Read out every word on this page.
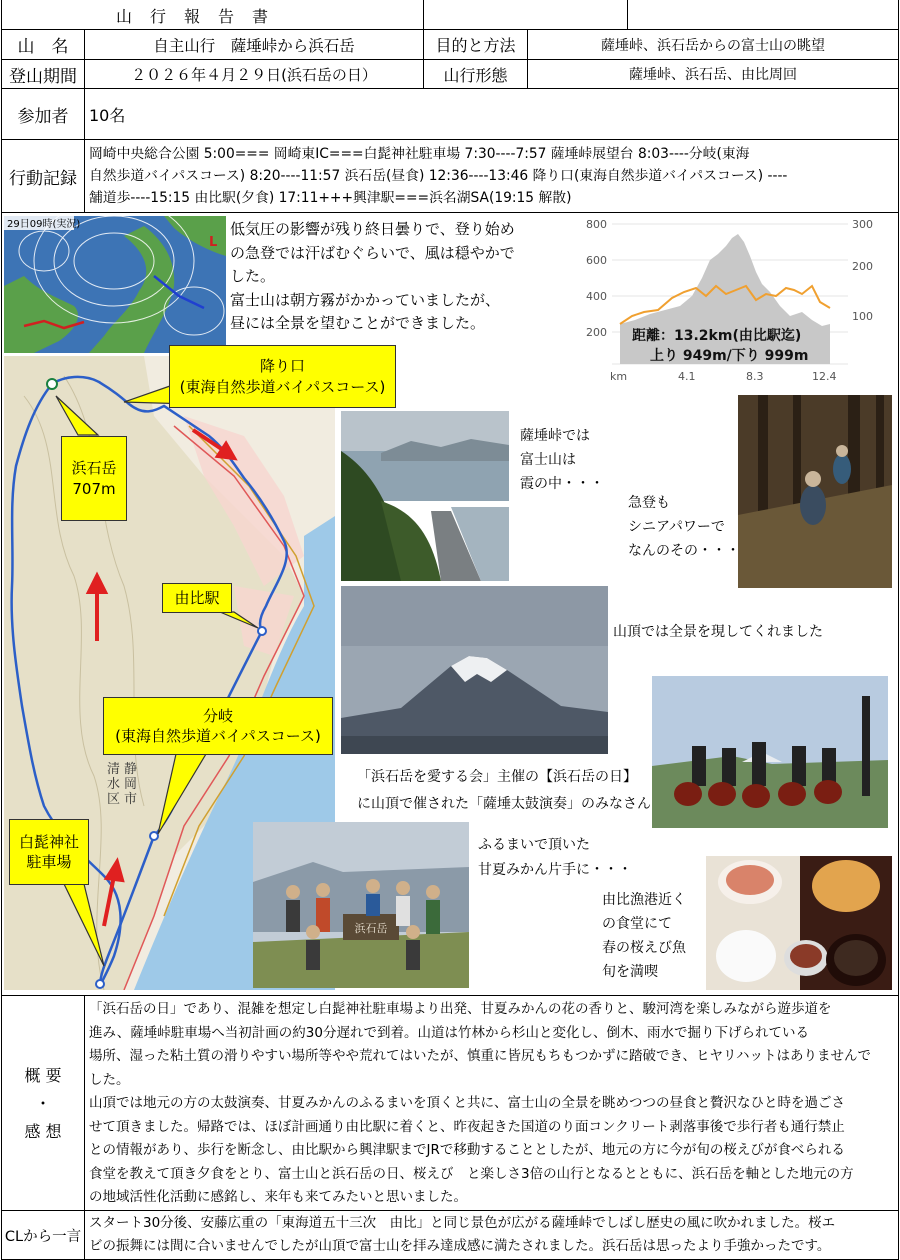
山　行　報　告　書
山　名	自主山行　薩埵峠から浜石岳	目的と方法	薩埵峠、浜石岳からの富士山の眺望
登山期間	２０２６年４月２９日(浜石岳の日）	山行形態	薩埵峠、浜石岳、由比周回
参加者 10名
行動記録
岡崎中央総合公園 5:00=== 岡崎東IC===白髭神社駐車場 7:30----7:57 薩埵峠展望台 8:03----分岐(東海
自然歩道バイパスコース) 8:20----11:57 浜石岳(昼食) 12:36----13:46 降り口(東海自然歩道バイパスコース) ----
舗道歩----15:15 由比駅(夕食) 17:11+++興津駅===浜名湖SA(19:15 解散)
29日09時(実況)
L
低気圧の影響が残り終日曇りで、登り始め
の急登では汗ばむぐらいで、風は穏やかで
した。
富士山は朝方霧がかかっていましたが、
昼には全景を望むことができました。
800
600
400
200
300
200
100
km	4.1	8.3	12.4
距離：13.2km(由比駅迄)
上り 949m/下り 999m
清
水
区
静
岡
市
降り口
(東海自然歩道バイパスコース)
浜石岳
707m
由比駅
分岐
(東海自然歩道バイパスコース)
白髭神社
駐車場
薩埵峠では
富士山は
霞の中・・・
急登も
シニアパワーで
なんのその・・・
山頂では全景を現してくれました
「浜石岳を愛する会」主催の【浜石岳の日】
に山頂で催された「薩埵太鼓演奏」のみなさん
浜石岳
ふるまいで頂いた
甘夏みかん片手に・・・
由比漁港近く
の食堂にて
春の桜えび魚
旬を満喫
概 要
・
感 想
「浜石岳の日」であり、混雑を想定し白髭神社駐車場より出発、甘夏みかんの花の香りと、駿河湾を楽しみながら遊歩道を
進み、薩埵峠駐車場へ当初計画の約30分遅れで到着。山道は竹林から杉山と変化し、倒木、雨水で掘り下げられている
場所、湿った粘土質の滑りやすい場所等やや荒れてはいたが、慎重に皆尻もちもつかずに踏破でき、ヒヤリハットはありませんで
した。
山頂では地元の方の太鼓演奏、甘夏みかんのふるまいを頂くと共に、富士山の全景を眺めつつの昼食と贅沢なひと時を過ごさ
せて頂きました。帰路では、ほぼ計画通り由比駅に着くと、昨夜起きた国道のり面コンクリート剥落事後で歩行者も通行禁止
との情報があり、歩行を断念し、由比駅から興津駅までJRで移動することとしたが、地元の方に今が旬の桜えびが食べられる
食堂を教えて頂き夕食をとり、富士山と浜石岳の日、桜えび　と楽しさ3倍の山行となるとともに、浜石岳を軸とした地元の方
の地域活性化活動に感銘し、来年も来てみたいと思いました。
CLから一言
スタート30分後、安藤広重の「東海道五十三次　由比」と同じ景色が広がる薩埵峠でしばし歴史の風に吹かれました。桜エ
ビの振舞には間に合いませんでしたが山頂で富士山を拝み達成感に満たされました。浜石岳は思ったより手強かったです。
